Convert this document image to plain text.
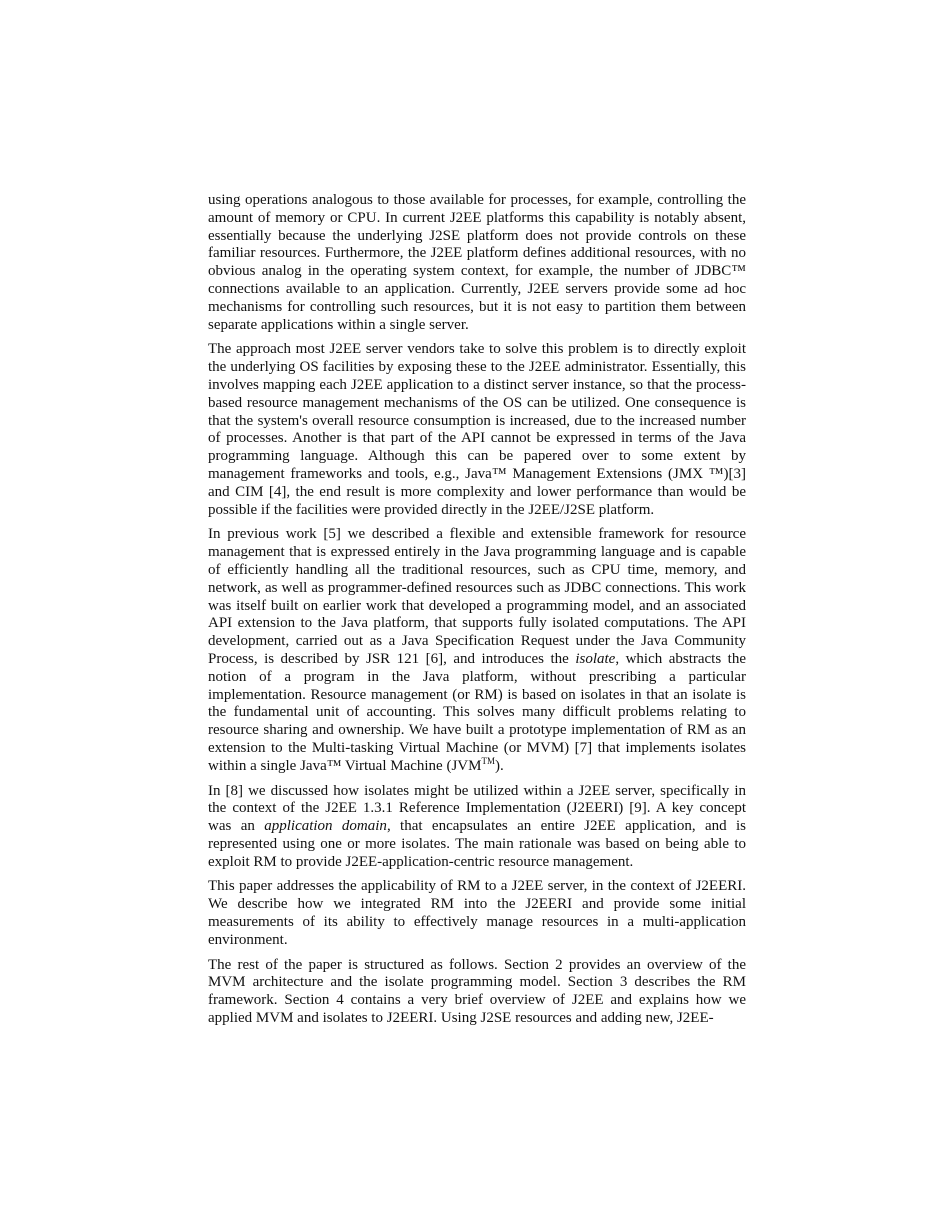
using operations analogous to those available for processes, for example, controlling the amount of memory or CPU. In current J2EE platforms this capability is notably absent, essentially because the underlying J2SE platform does not provide controls on these familiar resources. Furthermore, the J2EE platform defines additional resources, with no obvious analog in the operating system context, for example, the number of JDBC™ connections available to an application. Currently, J2EE servers provide some ad hoc mechanisms for controlling such resources, but it is not easy to partition them between separate applications within a single server.

The approach most J2EE server vendors take to solve this problem is to directly exploit the underlying OS facilities by exposing these to the J2EE administrator. Essentially, this involves mapping each J2EE application to a distinct server instance, so that the process-based resource management mechanisms of the OS can be utilized. One consequence is that the system's overall resource consumption is increased, due to the increased number of processes. Another is that part of the API cannot be expressed in terms of the Java programming language. Although this can be papered over to some extent by management frameworks and tools, e.g., Java™ Management Extensions (JMX ™)[3] and CIM [4], the end result is more complexity and lower performance than would be possible if the facilities were provided directly in the J2EE/J2SE platform.

In previous work [5] we described a flexible and extensible framework for resource management that is expressed entirely in the Java programming language and is capable of efficiently handling all the traditional resources, such as CPU time, memory, and network, as well as programmer-defined resources such as JDBC connections. This work was itself built on earlier work that developed a programming model, and an associated API extension to the Java platform, that supports fully isolated computations. The API development, carried out as a Java Specification Request under the Java Community Process, is described by JSR 121 [6], and introduces the isolate, which abstracts the notion of a program in the Java platform, without prescribing a particular implementation. Resource management (or RM) is based on isolates in that an isolate is the fundamental unit of accounting. This solves many difficult problems relating to resource sharing and ownership. We have built a prototype implementation of RM as an extension to the Multi-tasking Virtual Machine (or MVM) [7] that implements isolates within a single Java™ Virtual Machine (JVM™).

In [8] we discussed how isolates might be utilized within a J2EE server, specifically in the context of the J2EE 1.3.1 Reference Implementation (J2EERI) [9]. A key concept was an application domain, that encapsulates an entire J2EE application, and is represented using one or more isolates. The main rationale was based on being able to exploit RM to provide J2EE-application-centric resource management.

This paper addresses the applicability of RM to a J2EE server, in the context of J2EERI. We describe how we integrated RM into the J2EERI and provide some initial measurements of its ability to effectively manage resources in a multi-application environment.

The rest of the paper is structured as follows. Section 2 provides an overview of the MVM architecture and the isolate programming model. Section 3 describes the RM framework. Section 4 contains a very brief overview of J2EE and explains how we applied MVM and isolates to J2EERI. Using J2SE resources and adding new, J2EE-
